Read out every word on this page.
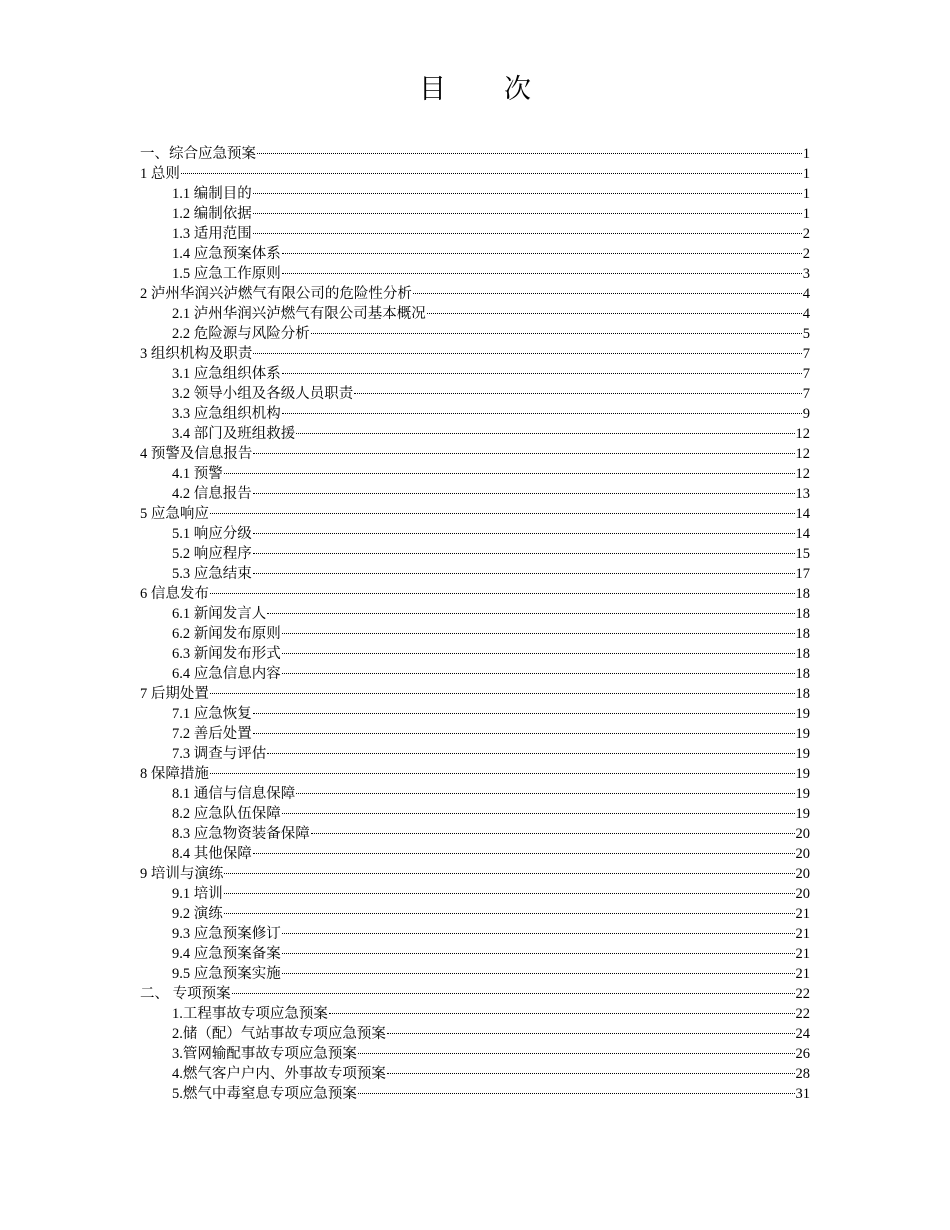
目次
一、综合应急预案	1
1 总则	1
1.1 编制目的	1
1.2 编制依据	1
1.3 适用范围	2
1.4 应急预案体系	2
1.5 应急工作原则	3
2 泸州华润兴泸燃气有限公司的危险性分析	4
2.1 泸州华润兴泸燃气有限公司基本概况	4
2.2 危险源与风险分析	5
3 组织机构及职责	7
3.1 应急组织体系	7
3.2 领导小组及各级人员职责	7
3.3 应急组织机构	9
3.4 部门及班组救援	12
4 预警及信息报告	12
4.1 预警	12
4.2 信息报告	13
5 应急响应	14
5.1 响应分级	14
5.2 响应程序	15
5.3 应急结束	17
6 信息发布	18
6.1 新闻发言人	18
6.2 新闻发布原则	18
6.3 新闻发布形式	18
6.4 应急信息内容	18
7 后期处置	18
7.1 应急恢复	19
7.2 善后处置	19
7.3 调查与评估	19
8 保障措施	19
8.1 通信与信息保障	19
8.2 应急队伍保障	19
8.3 应急物资装备保障	20
8.4 其他保障	20
9 培训与演练	20
9.1 培训	20
9.2 演练	21
9.3 应急预案修订	21
9.4 应急预案备案	21
9.5 应急预案实施	21
二、 专项预案	22
1.工程事故专项应急预案	22
2.储（配）气站事故专项应急预案	24
3.管网输配事故专项应急预案	26
4.燃气客户户内、外事故专项预案	28
5.燃气中毒窒息专项应急预案	31
